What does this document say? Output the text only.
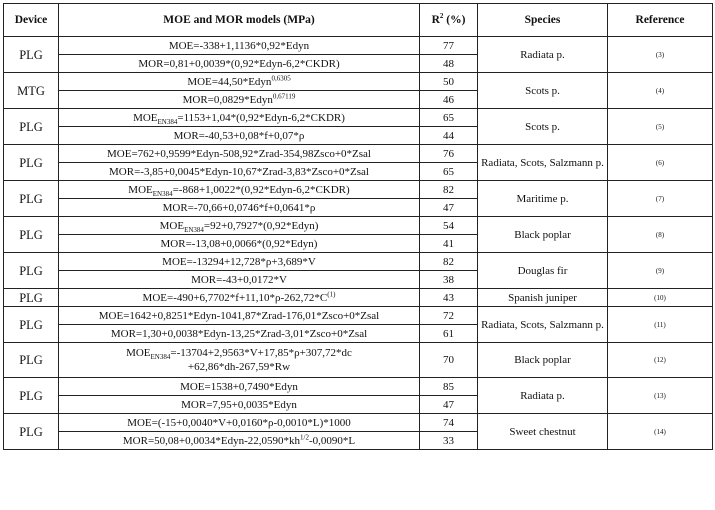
Device	MOE and MOR models (MPa)	$R^2$ (%)	Species	Reference
PLG	MOE=-338+1,1136*0,92*Edyn	77	Radiata p.	(3)
	MOR=0,81+0,0039*(0,92*Edyn-6,2*CKDR)	48		
MTG	MOE=44,50*Edyn$^{0,6305}$	50	Scots p.	(4)
	MOR=0,0829*Edyn$^{0,67119}$	46		
PLG	$MOE_{EN384}=1153+1,04*(0,92*Edyn-6,2*CKDR)$	65	Scots p.	(5)
	MOR=-40,53+0,08*f+0,07*ρ	44		
PLG	MOE=762+0,9599*Edyn-508,92*Zrad-354,98Zsco+0*Zsal	76	Radiata, Scots, Salzmann p.	(6)
	MOR=-3,85+0,0045*Edyn-10,67*Zrad-3,83*Zsco+0*Zsal	65		
PLG	$MOE_{EN384}=-868+1,0022*(0,92*Edyn-6,2*CKDR)$	82	Maritime p.	(7)
	MOR=-70,66+0,0746*f+0,0641*ρ	47		
PLG	$MOE_{EN384}=92+0,7927*(0,92*Edyn)$	54	Black poplar	(8)
	MOR=-13,08+0,0066*(0,92*Edyn)	41		
PLG	MOE=-13294+12,728*ρ+3,689*V	82	Douglas fir	(9)
	MOR=-43+0,0172*V	38		
PLG	$MOE=-490+6,7702*f+11,10*\rho-262,72*C^{(1)}$	43	Spanish juniper	(10)
PLG	MOE=1642+0,8251*Edyn-1041,87*Zrad-176,01*Zsco+0*Zsal	72	Radiata, Scots, Salzmann p.	(11)
	MOR=1,30+0,0038*Edyn-13,25*Zrad-3,01*Zsco+0*Zsal	61		
PLG	$MOE_{EN384}=-13704+2,9563*V+17,85*\rho+307,72*dc$
+62,86*dh-267,59*Rw	70	Black poplar	(12)
PLG	MOE=1538+0,7490*Edyn	85	Radiata p.	(13)
	MOR=7,95+0,0035*Edyn	47		
PLG	MOE=(-15+0,0040*V+0,0160*ρ-0,0010*L)*1000	74	Sweet chestnut	(14)
	$MOR=50,08+0,0034*Edyn-22,0590*kh^{1/2}-0,0090*L$	33		
